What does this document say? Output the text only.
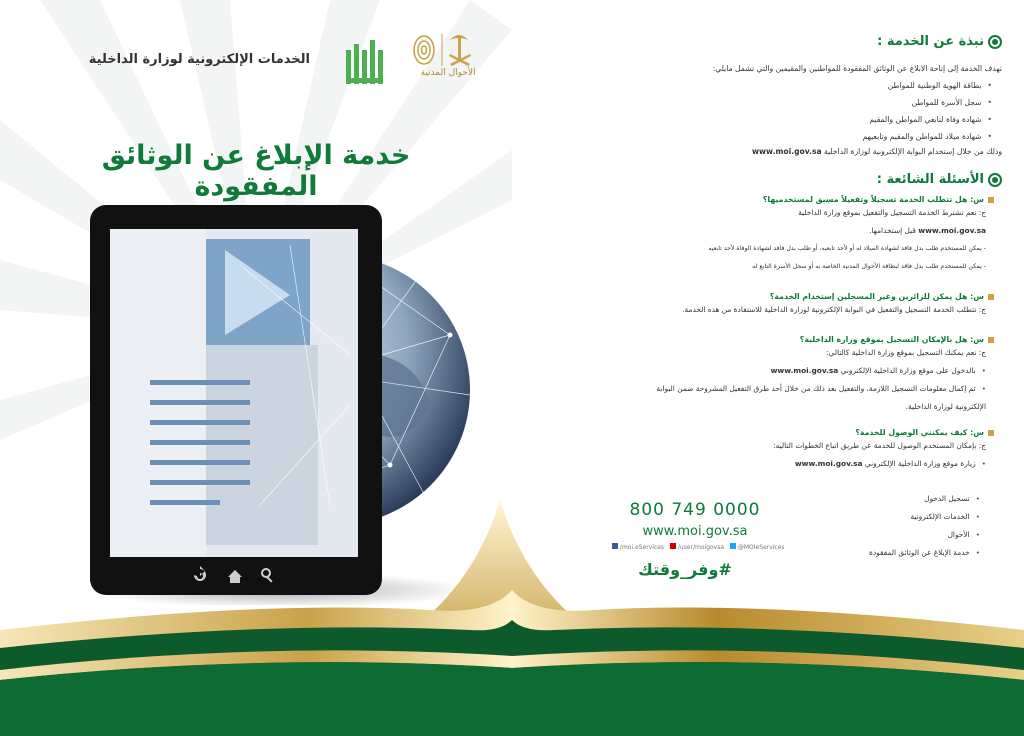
الخدمات الإلكترونية لوزارة الداخلية
الأحوال المدنية
خدمة الإبلاغ عن الوثائق المفقودة
نبذة عن الخدمة :
تهدف الخدمة إلى إتاحة الابلاغ عن الوثائق المفقودة للمواطنين والمقيمين والتي تشمل مايلي:
• بطاقة الهوية الوطنية للمواطن
• سجل الأسرة للمواطن
• شهادة وفاة لتابعي المواطن والمقيم
• شهادة ميلاد للمواطن والمقيم وتابعيهم
وذلك من خلال إستخدام البوابة الإلكترونية لوزارة الداخلية www.moi.gov.sa
الأسئلة الشائعة :
س: هل تتطلب الخدمة تسجيلاً وتفعيلاً مسبق لمستخدميها؟
ج: نعم تشترط الخدمة التسجيل والتفعيل بموقع وزارة الداخلية
www.moi.gov.sa قبل إستخدامها.
- يمكن للمستخدم طلب بدل فاقد لشهادة الميلاد له أو لأحد تابعيه، أو طلب بدل فاقد لشهادة الوفاة لأحد تابعيه
- يمكن للمستخدم طلب بدل فاقد لبطاقة الأحوال المدنية الخاصة به أو سجل الأسرة التابع له
س: هل يمكن للزائرين وغير المسجلين إستخدام الخدمة؟
ج: تتطلب الخدمة التسجيل والتفعيل في البوابة الإلكترونية لوزارة الداخلية للاستفادة من هذه الخدمة.
س: هل بالإمكان التسجيل بموقع وزارة الداخلية؟
ج: نعم يمكنك التسجيل بموقع وزارة الداخلية كالتالي:
• بالدخول على موقع وزارة الداخلية الإلكتروني www.moi.gov.sa
• ثم إكمال معلومات التسجيل اللازمة، والتفعيل بعد ذلك من خلال أحد طرق التفعيل المشروحة ضمن البوابة
الإلكترونية لوزارة الداخلية.
س: كيف يمكنني الوصول للخدمة؟
ج: بإمكان المستخدم الوصول للخدمة عن طريق اتباع الخطوات التاليه:
• زيارة موقع وزارة الداخلية الإلكتروني www.moi.gov.sa
• تسجيل الدخول
• الخدمات الإلكترونية
• الأحوال
• خدمة الإبلاغ عن الوثائق المفقودة
800 749 0000
www.moi.gov.sa
/moi.eServices /user/moigovsa @MOIeServices
#وفر_وقتك
